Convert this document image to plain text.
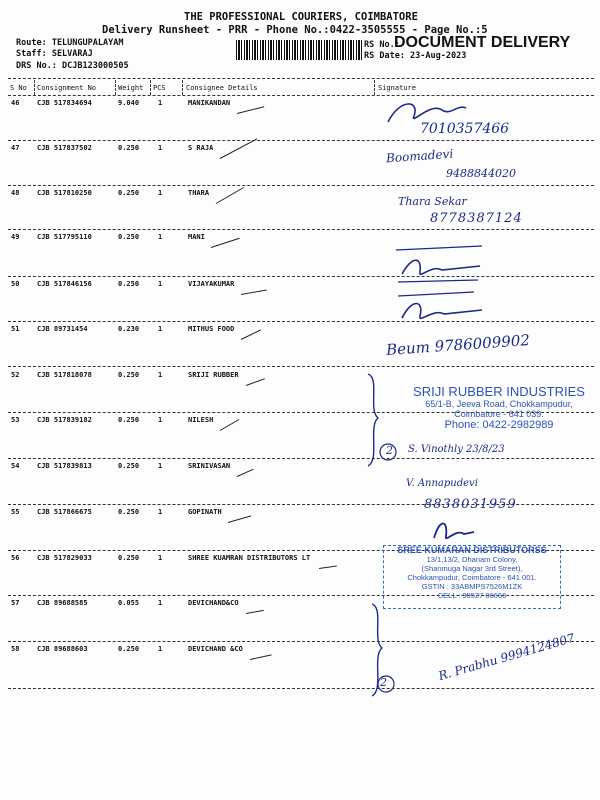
THE PROFESSIONAL COURIERS, COIMBATORE
Delivery Runsheet - PRR - Phone No.:0422-3505555 - Page No.:5
DOCUMENT DELIVERY
Route: TELUNGUPALAYAM
Staff: SELVARAJ
DRS No.: DCJB123000505
RS No.:
RS Date: 23-Aug-2023
S No Consignment No	Weight PCS	Consignee Details	Signature
46	CJB 517834694	9.040	1	MANIKANDAN
47	CJB 517837502	0.250	1	S RAJA
48	CJB 517810250	0.250	1	THARA
49	CJB 517795110	0.250	1	MANI
50	CJB 517846156	0.250	1	VIJAYAKUMAR
51	CJB 89731454	0.230	1	MITHUS FOOD
52	CJB 517818078	0.250	1	SRIJI RUBBER
53	CJB 517839182	0.250	1	NILESH
54	CJB 517839813	0.250	1	SRINIVASAN
55	CJB 517866675	0.250	1	GOPINATH
56	CJB 517829033	0.250	1	SHREE KUAMRAN DISTRIBUTORS LT
57	CJB 89688585	0.055	1	DEVICHAND&CO
58	CJB 89688603	0.250	1	DEVICHAND &CO
7010357466
Boomadevi
9488844020
Thara Sekar
8778387124
Beum 9786009902
2
SRIJI RUBBER INDUSTRIES
65/1-B, Jeeva Road, Chokkampudur,
Coimbatore - 641 039.
Phone: 0422-2982989
S. Vinothly 23/8/23
V. Annapudevi
8838031959
SREE KUMARAN DISTRIBUTORSS
13/1,13/2, Dhanam Colony,
(Shanmuga Nagar 3rd Street),
Chokkampudur, Coimbatore - 641 001.
GSTIN : 33ABMPS7526M1ZK
CELL : 99527 06666
2	R. Prabhu 9994124807
